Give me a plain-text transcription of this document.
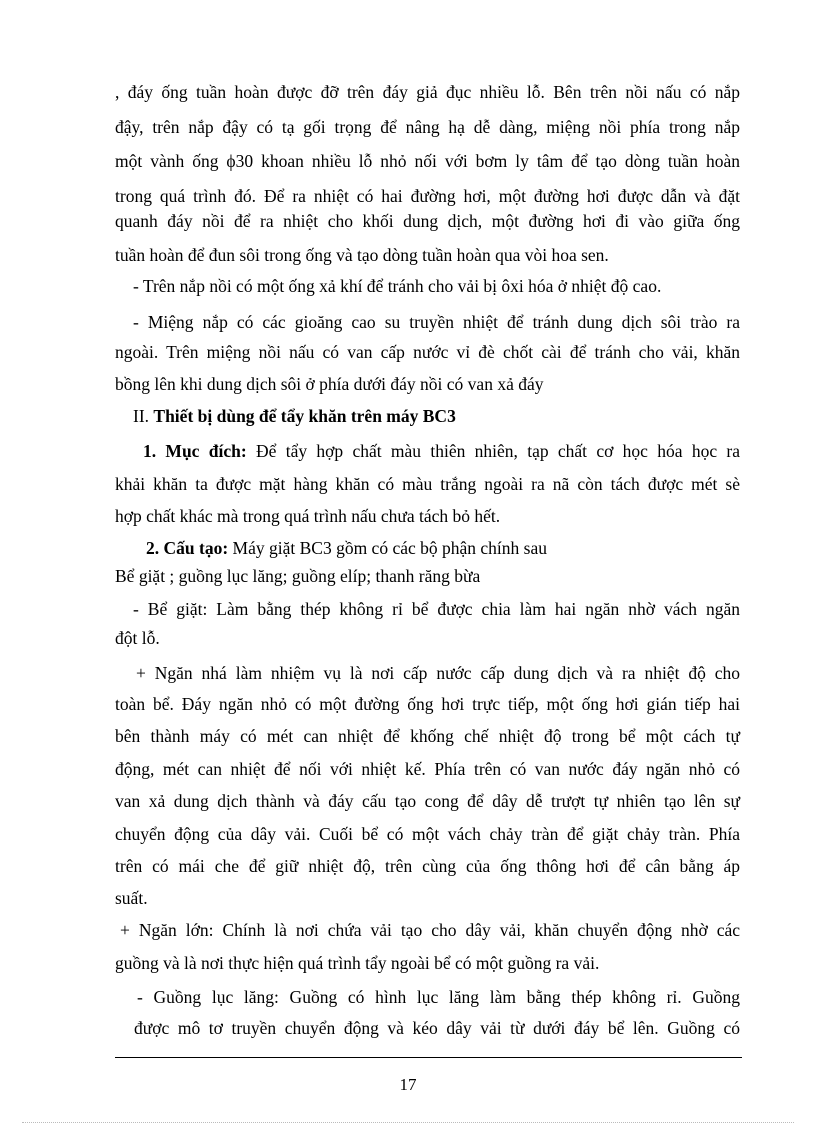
, đáy ống tuần hoàn được đỡ trên đáy giả đục nhiều lỗ. Bên trên nồi nấu có nắp
đậy, trên nắp đậy có tạ gối trọng để nâng hạ dễ dàng, miệng nồi phía trong nắp
một vành ống ϕ30 khoan nhiều lỗ nhỏ nối với bơm ly tâm để tạo dòng tuần hoàn
trong quá trình đó. Để ra nhiệt có hai đường hơi, một đường hơi được dẫn và đặt
quanh đáy nồi để ra nhiệt cho khối dung dịch, một đường hơi đi vào giữa ống
tuần hoàn để đun sôi trong ống và tạo dòng tuần hoàn qua vòi hoa sen.
- Trên nắp nồi có một ống xả khí để tránh cho vải bị ôxi hóa ở nhiệt độ cao.
- Miệng nắp có các gioăng cao su truyền nhiệt để tránh dung dịch sôi trào ra
ngoài. Trên miệng nồi nấu có van cấp nước vỉ đè chốt cài để tránh cho vải, khăn
bồng lên khi dung dịch sôi ở phía dưới đáy nồi có van xả đáy
II. Thiết bị dùng để tẩy khăn trên máy BC3
1. Mục đích: Để tẩy hợp chất màu thiên nhiên, tạp chất cơ học hóa học ra
khải khăn ta được mặt hàng khăn có màu trắng ngoài ra nã còn tách được mét sè
hợp chất khác mà trong quá trình nấu chưa tách bỏ hết.
2. Cấu tạo: Máy giặt BC3 gồm có các bộ phận chính sau
Bể giặt ; guồng lục lăng; guồng elíp; thanh răng bừa
- Bể giặt: Làm bằng thép không rỉ bể được chia làm hai ngăn nhờ vách ngăn
đột lỗ.
+ Ngăn nhá làm nhiệm vụ là nơi cấp nước cấp dung dịch và ra nhiệt độ cho
toàn bể. Đáy ngăn nhỏ có một đường ống hơi trực tiếp, một ống hơi gián tiếp hai
bên thành máy có mét can nhiệt để khống chế nhiệt độ trong bể một cách tự
động, mét can nhiệt để nối với nhiệt kế. Phía trên có van nước đáy ngăn nhỏ có
van xả dung dịch thành và đáy cấu tạo cong để dây dễ trượt tự nhiên tạo lên sự
chuyển động của dây vải. Cuối bể có một vách chảy tràn để giặt chảy tràn. Phía
trên có mái che để giữ nhiệt độ, trên cùng của ống thông hơi để cân bằng áp
suất.
+ Ngăn lớn: Chính là nơi chứa vải tạo cho dây vải, khăn chuyển động nhờ các
guồng và là nơi thực hiện quá trình tẩy ngoài bể có một guồng ra vải.
- Guồng lục lăng: Guồng có hình lục lăng làm bằng thép không rỉ. Guồng
được mô tơ truyền chuyển động và kéo dây vải từ dưới đáy bể lên. Guồng có
17
